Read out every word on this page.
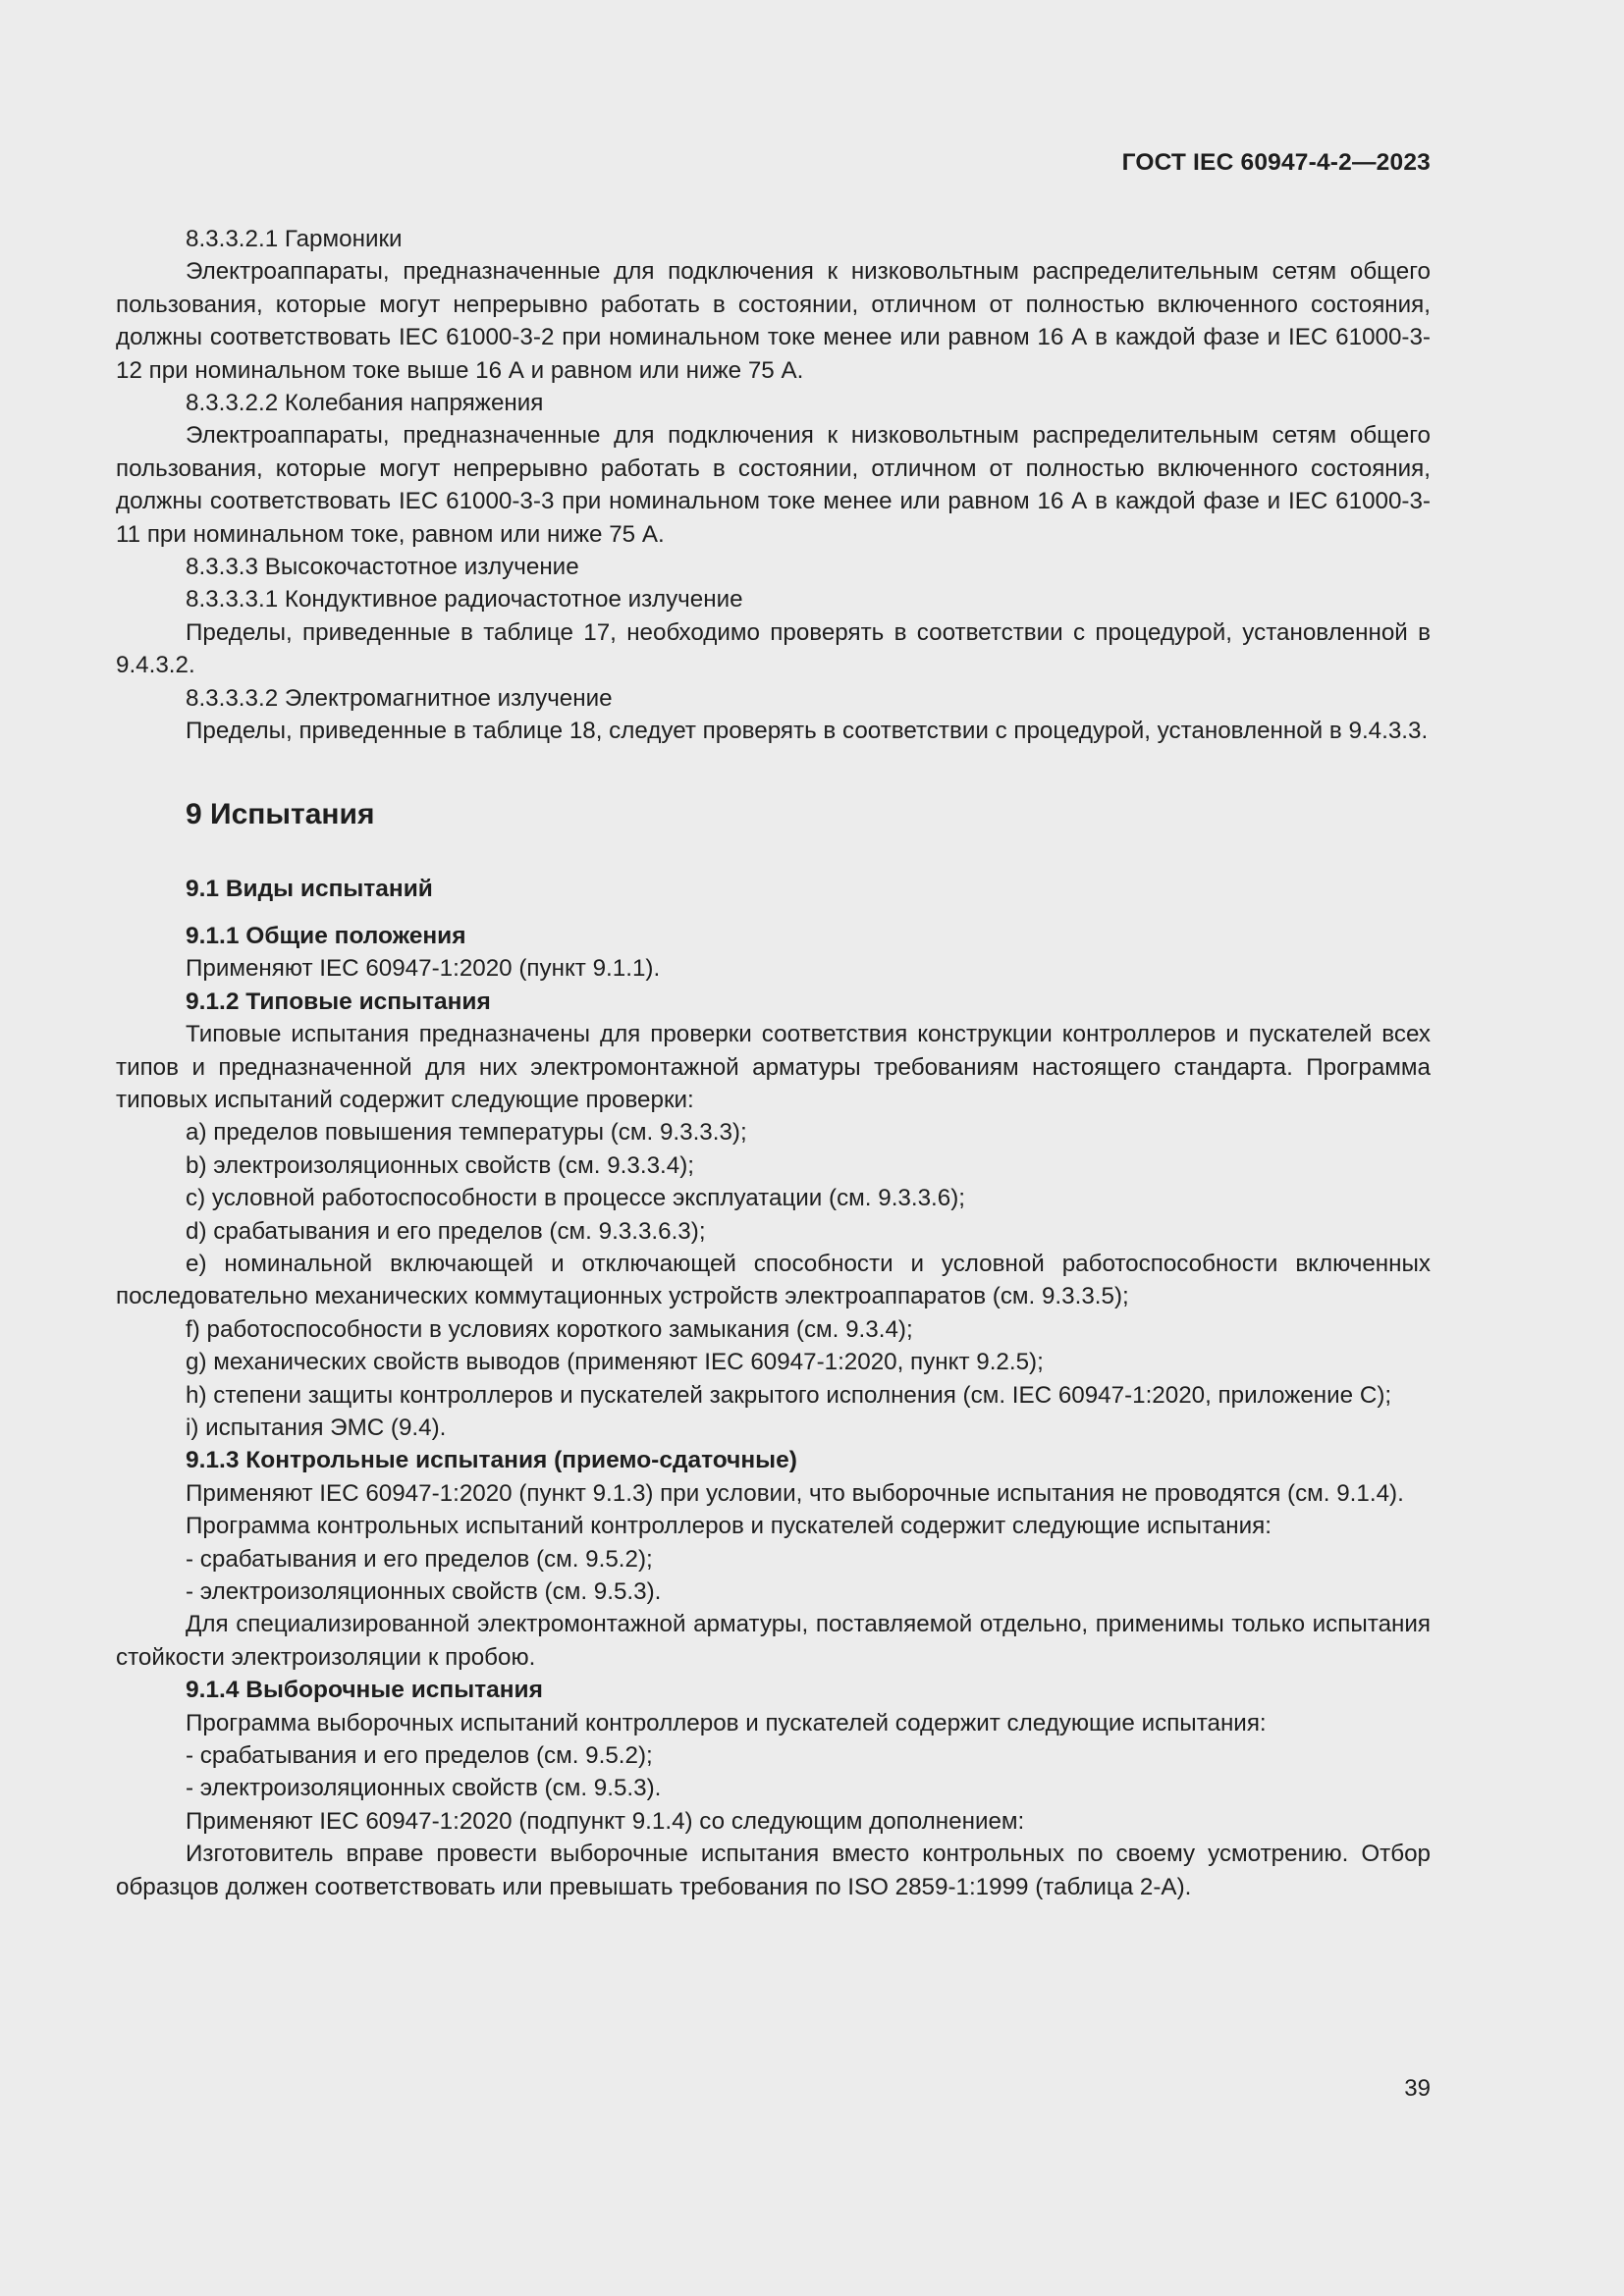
ГОСТ IEC 60947-4-2—2023

8.3.3.2.1 Гармоники

Электроаппараты, предназначенные для подключения к низковольтным распределительным сетям общего пользования, которые могут непрерывно работать в состоянии, отличном от полностью включенного состояния, должны соответствовать IEC 61000-3-2 при номинальном токе менее или равном 16 А в каждой фазе и IEC 61000-3-12 при номинальном токе выше 16 А и равном или ниже 75 А.

8.3.3.2.2 Колебания напряжения

Электроаппараты, предназначенные для подключения к низковольтным распределительным сетям общего пользования, которые могут непрерывно работать в состоянии, отличном от полностью включенного состояния, должны соответствовать IEC 61000-3-3 при номинальном токе менее или равном 16 А в каждой фазе и IEC 61000-3-11 при номинальном токе, равном или ниже 75 А.

8.3.3.3 Высокочастотное излучение

8.3.3.3.1 Кондуктивное радиочастотное излучение

Пределы, приведенные в таблице 17, необходимо проверять в соответствии с процедурой, установленной в 9.4.3.2.

8.3.3.3.2 Электромагнитное излучение

Пределы, приведенные в таблице 18, следует проверять в соответствии с процедурой, установленной в 9.4.3.3.

9 Испытания
9.1 Виды испытаний
9.1.1 Общие положения

Применяют IEC 60947-1:2020 (пункт 9.1.1).

9.1.2 Типовые испытания

Типовые испытания предназначены для проверки соответствия конструкции контроллеров и пускателей всех типов и предназначенной для них электромонтажной арматуры требованиям настоящего стандарта. Программа типовых испытаний содержит следующие проверки:

a) пределов повышения температуры (см. 9.3.3.3);

b) электроизоляционных свойств (см. 9.3.3.4);

c) условной работоспособности в процессе эксплуатации (см. 9.3.3.6);

d) срабатывания и его пределов (см. 9.3.3.6.3);

e) номинальной включающей и отключающей способности и условной работоспособности включенных последовательно механических коммутационных устройств электроаппаратов (см. 9.3.3.5);

f) работоспособности в условиях короткого замыкания (см. 9.3.4);

g) механических свойств выводов (применяют IEC 60947-1:2020, пункт 9.2.5);

h) степени защиты контроллеров и пускателей закрытого исполнения (см. IEC 60947-1:2020, приложение C);

i) испытания ЭМС (9.4).

9.1.3 Контрольные испытания (приемо-сдаточные)

Применяют IEC 60947-1:2020 (пункт 9.1.3) при условии, что выборочные испытания не проводятся (см. 9.1.4).

Программа контрольных испытаний контроллеров и пускателей содержит следующие испытания:

- срабатывания и его пределов (см. 9.5.2);

- электроизоляционных свойств (см. 9.5.3).

Для специализированной электромонтажной арматуры, поставляемой отдельно, применимы только испытания стойкости электроизоляции к пробою.

9.1.4 Выборочные испытания

Программа выборочных испытаний контроллеров и пускателей содержит следующие испытания:

- срабатывания и его пределов (см. 9.5.2);

- электроизоляционных свойств (см. 9.5.3).

Применяют IEC 60947-1:2020 (подпункт 9.1.4) со следующим дополнением:

Изготовитель вправе провести выборочные испытания вместо контрольных по своему усмотрению. Отбор образцов должен соответствовать или превышать требования по ISO 2859-1:1999 (таблица 2-A).

39
